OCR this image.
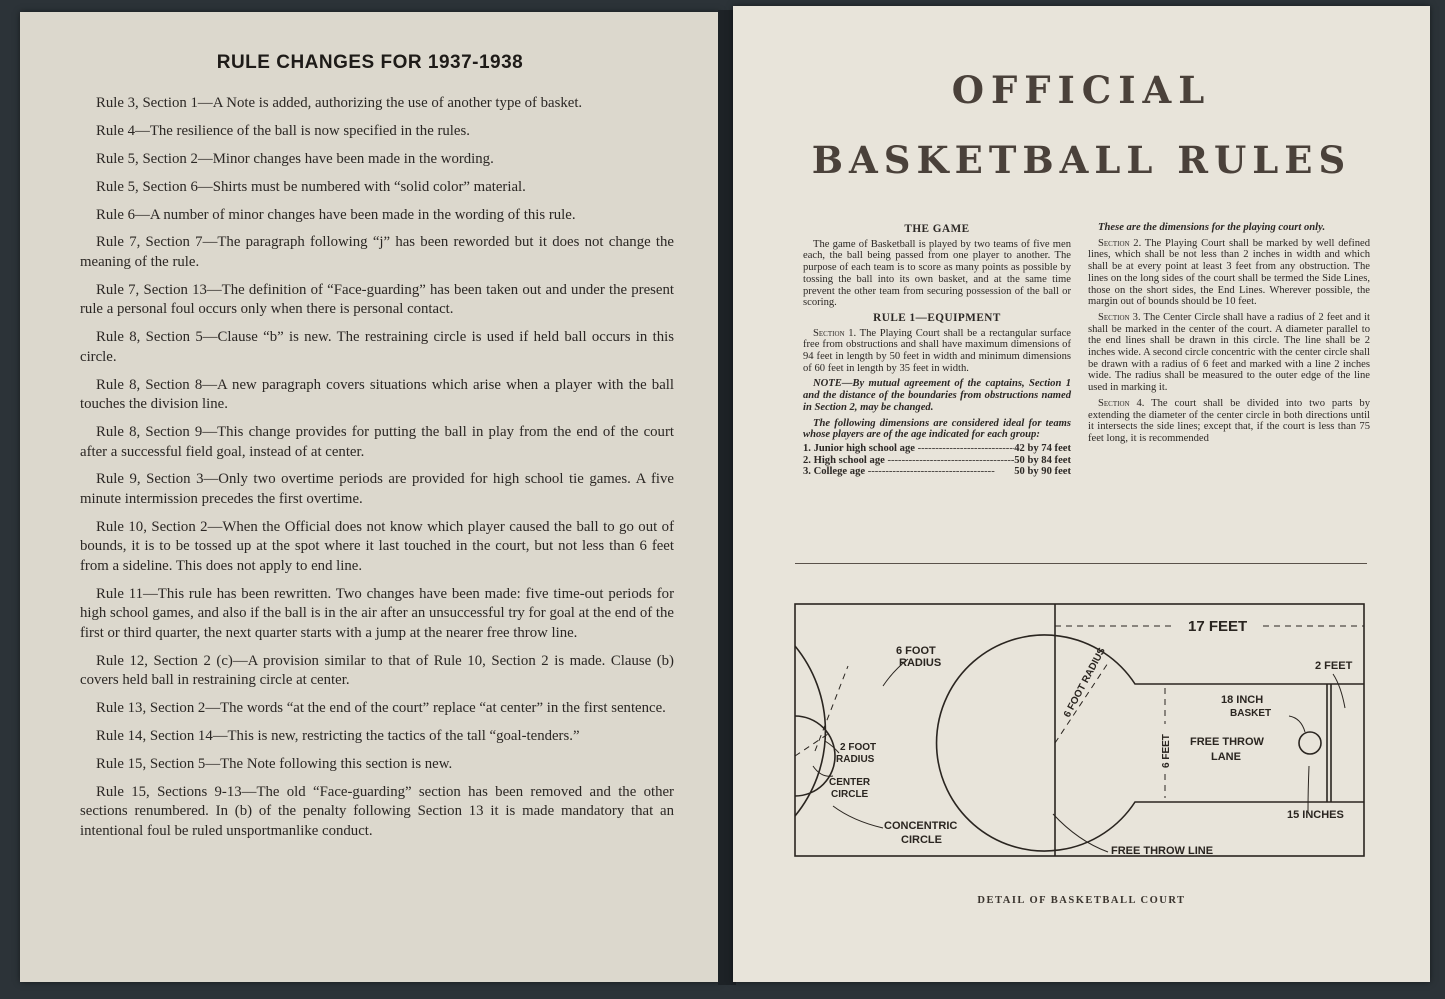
RULE CHANGES FOR 1937-1938

Rule 3, Section 1—A Note is added, authorizing the use of another type of basket.

Rule 4—The resilience of the ball is now specified in the rules.

Rule 5, Section 2—Minor changes have been made in the wording.

Rule 5, Section 6—Shirts must be numbered with “solid color” material.

Rule 6—A number of minor changes have been made in the wording of this rule.

Rule 7, Section 7—The paragraph following “j” has been reworded but it does not change the meaning of the rule.

Rule 7, Section 13—The definition of “Face-guarding” has been taken out and under the present rule a personal foul occurs only when there is personal contact.

Rule 8, Section 5—Clause “b” is new. The restraining circle is used if held ball occurs in this circle.

Rule 8, Section 8—A new paragraph covers situations which arise when a player with the ball touches the division line.

Rule 8, Section 9—This change provides for putting the ball in play from the end of the court after a successful field goal, instead of at center.

Rule 9, Section 3—Only two overtime periods are provided for high school tie games. A five minute intermission precedes the first overtime.

Rule 10, Section 2—When the Official does not know which player caused the ball to go out of bounds, it is to be tossed up at the spot where it last touched in the court, but not less than 6 feet from a sideline. This does not apply to end line.

Rule 11—This rule has been rewritten. Two changes have been made: five time-out periods for high school games, and also if the ball is in the air after an unsuccessful try for goal at the end of the first or third quarter, the next quarter starts with a jump at the nearer free throw line.

Rule 12, Section 2 (c)—A provision similar to that of Rule 10, Section 2 is made. Clause (b) covers held ball in restraining circle at center.

Rule 13, Section 2—The words “at the end of the court” replace “at center” in the first sentence.

Rule 14, Section 14—This is new, restricting the tactics of the tall “goal-tenders.”

Rule 15, Section 5—The Note following this section is new.

Rule 15, Sections 9-13—The old “Face-guarding” section has been removed and the other sections renumbered. In (b) of the penalty following Section 13 it is made mandatory that an intentional foul be ruled unsportmanlike conduct.

OFFICIAL
BASKETBALL RULES
THE GAME

The game of Basketball is played by two teams of five men each, the ball being passed from one player to another. The purpose of each team is to score as many points as possible by tossing the ball into its own basket, and at the same time prevent the other team from securing possession of the ball or scoring.

RULE 1—EQUIPMENT

Section 1. The Playing Court shall be a rectangular surface free from obstructions and shall have maximum dimensions of 94 feet in length by 50 feet in width and minimum dimensions of 60 feet in length by 35 feet in width.

NOTE—By mutual agreement of the captains, Section 1 and the distance of the boundaries from obstructions named in Section 2, may be changed.

The following dimensions are considered ideal for teams whose players are of the age indicated for each group:

1. Junior high school age -----	42 by 74 feet
2. High school age -----	50 by 84 feet
3. College age -----	50 by 90 feet

These are the dimensions for the playing court only.

Section 2. The Playing Court shall be marked by well defined lines, which shall be not less than 2 inches in width and which shall be at every point at least 3 feet from any obstruction. The lines on the long sides of the court shall be termed the Side Lines, those on the short sides, the End Lines. Wherever possible, the margin out of bounds should be 10 feet.

Section 3. The Center Circle shall have a radius of 2 feet and it shall be marked in the center of the court. A diameter parallel to the end lines shall be drawn in this circle. The line shall be 2 inches wide. A second circle concentric with the center circle shall be drawn with a radius of 6 feet and marked with a line 2 inches wide. The radius shall be measured to the outer edge of the line used in marking it.

Section 4. The court shall be divided into two parts by extending the diameter of the center circle in both directions until it intersects the side lines; except that, if the court is less than 75 feet long, it is recommended

17 FEET
6 FOOT
RADIUS
2 FOOT
RADIUS
CENTER
CIRCLE
CONCENTRIC
CIRCLE
6 FOOT RADIUS
6 FEET FREE THROW
LANE
18 INCH
BASKET
2 FEET
15 INCHES
FREE THROW LINE
DETAIL OF BASKETBALL COURT
